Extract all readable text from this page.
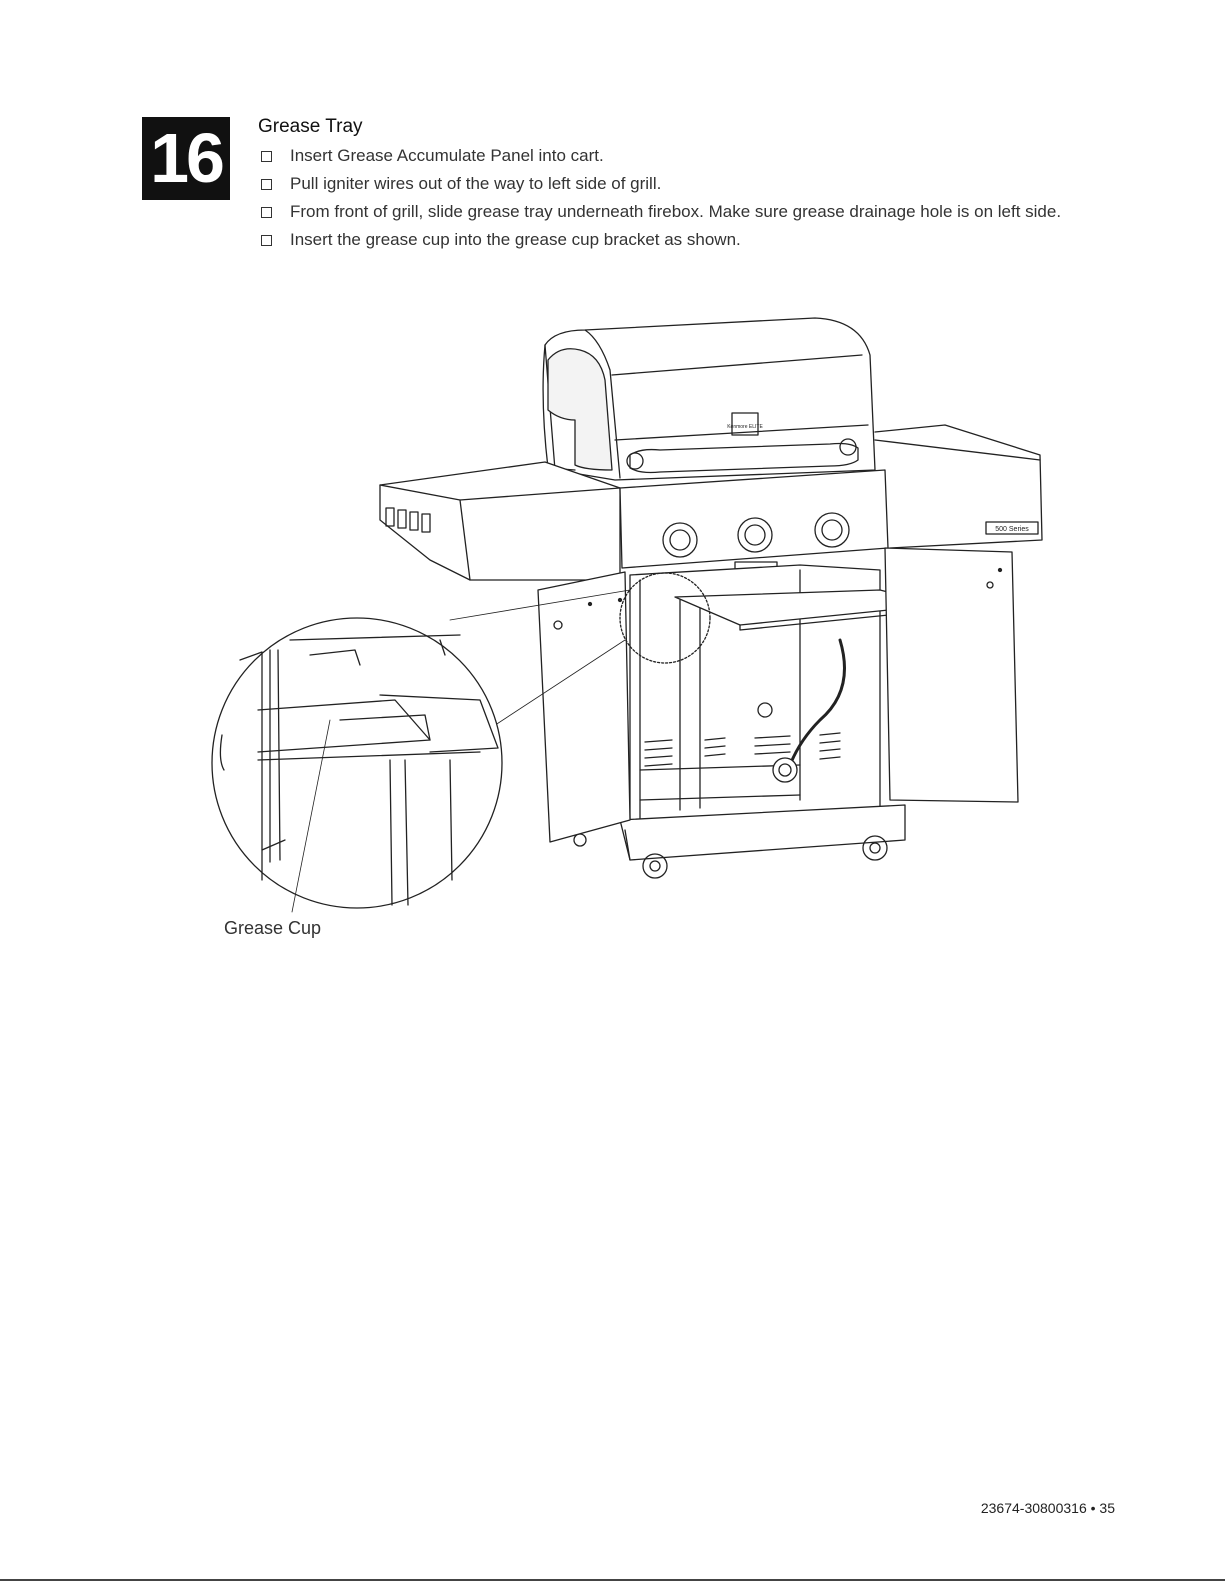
16	Grease Tray
Insert Grease Accumulate Panel into cart.
Pull igniter wires out of the way to left side of grill.
From front of grill, slide grease tray underneath firebox. Make sure grease drainage hole is on left side.
Insert the grease cup into the grease cup bracket as shown.
Kenmore ELITE
500 Series
Grease Cup
23674-30800316 • 35
